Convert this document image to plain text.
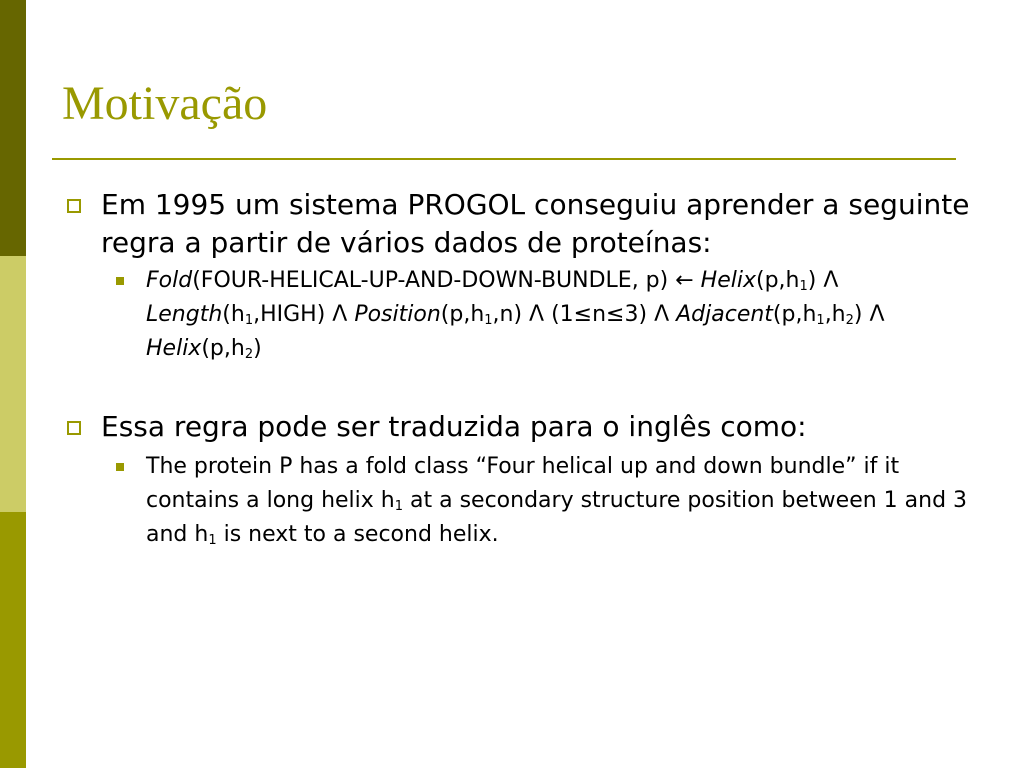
Motivação

Em 1995 um sistema PROGOL conseguiu aprender a seguinte regra a partir de vários dados de proteínas:

Fold(FOUR-HELICAL-UP-AND-DOWN-BUNDLE, p) ← $Helix(p,h_1)$ Λ $Length(h_1,HIGH)$ Λ $Position(p,h_1,n)$ Λ (1≤n≤3) Λ $Adjacent(p,h_1,h_2)$ Λ $Helix(p,h_2)$

Essa regra pode ser traduzida para o inglês como:

The protein P has a fold class “Four helical up and down bundle” if it contains a long helix $h_1$ at a secondary structure position between 1 and 3 and $h_1$ is next to a second helix.
